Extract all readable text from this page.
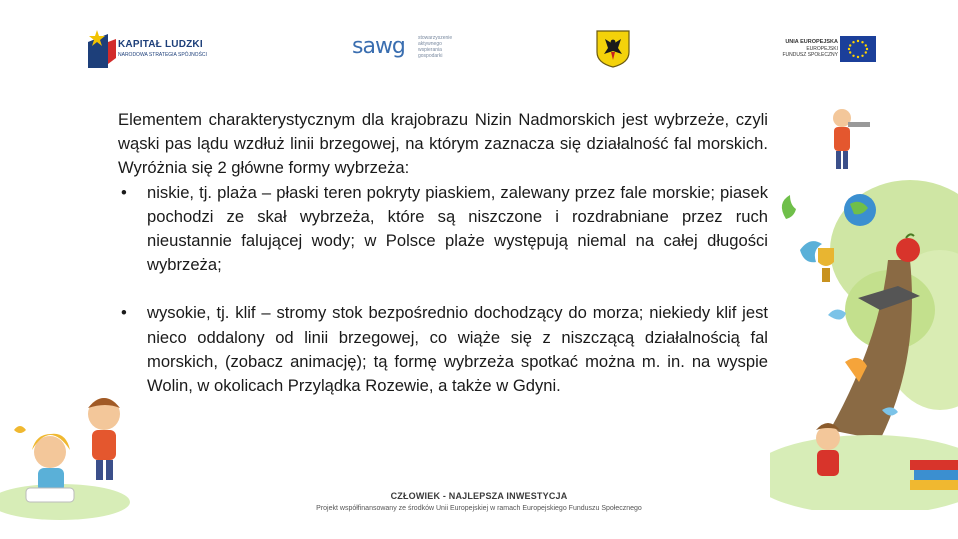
KAPITAŁ LUDZKI
NARODOWA STRATEGIA SPÓJNOŚCI	sawg	stowarzyszenie
aktywnego
wspierania
gospodarki
UNIA EUROPEJSKA
EUROPEJSKI
FUNDUSZ SPOŁECZNY

Elementem charakterystycznym dla krajobrazu Nizin Nadmorskich jest wybrzeże, czyli wąski pas lądu wzdłuż linii brzegowej, na którym zaznacza się działalność fal morskich. Wyróżnia się 2 główne formy wybrzeża:

• niskie, tj. plaża – płaski teren pokryty piaskiem, zalewany przez fale morskie; piasek pochodzi ze skał wybrzeża, które są niszczone i rozdrabniane przez ruch nieustannie falującej wody; w Polsce plaże występują niemal na całej długości wybrzeża;
• wysokie, tj. klif – stromy stok bezpośrednio dochodzący do morza; niekiedy klif jest nieco oddalony od linii brzegowej, co wiąże się z niszczącą działalnością fal morskich, (zobacz animację); tą formę wybrzeża spotkać można m. in. na wyspie Wolin, w okolicach Przylądka Rozewie, a także w Gdyni.
CZŁOWIEK - NAJLEPSZA INWESTYCJA
Projekt współfinansowany ze środków Unii Europejskiej w ramach Europejskiego Funduszu Społecznego
